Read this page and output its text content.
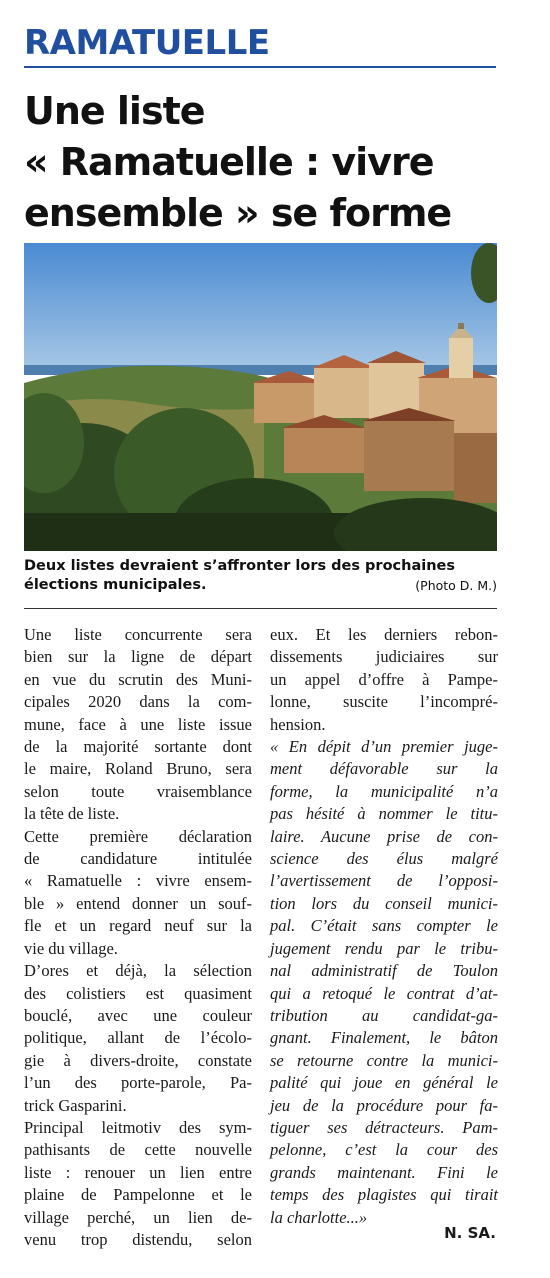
RAMATUELLE
Une liste
« Ramatuelle : vivre
ensemble » se forme
Deux listes devraient s’affronter lors des prochaines
élections municipales.	(Photo D. M.)
Une liste concurrente sera
bien sur la ligne de départ
en vue du scrutin des Muni-
cipales 2020 dans la com-
mune, face à une liste issue
de la majorité sortante dont
le maire, Roland Bruno, sera
selon toute vraisemblance
la tête de liste.
Cette première déclaration
de candidature intitulée
« Ramatuelle : vivre ensem-
ble » entend donner un souf-
fle et un regard neuf sur la
vie du village.
D’ores et déjà, la sélection
des colistiers est quasiment
bouclé, avec une couleur
politique, allant de l’écolo-
gie à divers-droite, constate
l’un des porte-parole, Pa-
trick Gasparini.
Principal leitmotiv des sym-
pathisants de cette nouvelle
liste : renouer un lien entre
plaine de Pampelonne et le
village perché, un lien de-
venu trop distendu, selon
eux. Et les derniers rebon-
dissements judiciaires sur
un appel d’offre à Pampe-
lonne, suscite l’incompré-
hension.
« En dépit d’un premier juge-
ment défavorable sur la
forme, la municipalité n’a
pas hésité à nommer le titu-
laire. Aucune prise de con-
science des élus malgré
l’avertissement de l’opposi-
tion lors du conseil munici-
pal. C’était sans compter le
jugement rendu par le tribu-
nal administratif de Toulon
qui a retoqué le contrat d’at-
tribution au candidat-ga-
gnant. Finalement, le bâton
se retourne contre la munici-
palité qui joue en général le
jeu de la procédure pour fa-
tiguer ses détracteurs. Pam-
pelonne, c’est la cour des
grands maintenant. Fini le
temps des plagistes qui tirait
la charlotte...»
N. SA.
